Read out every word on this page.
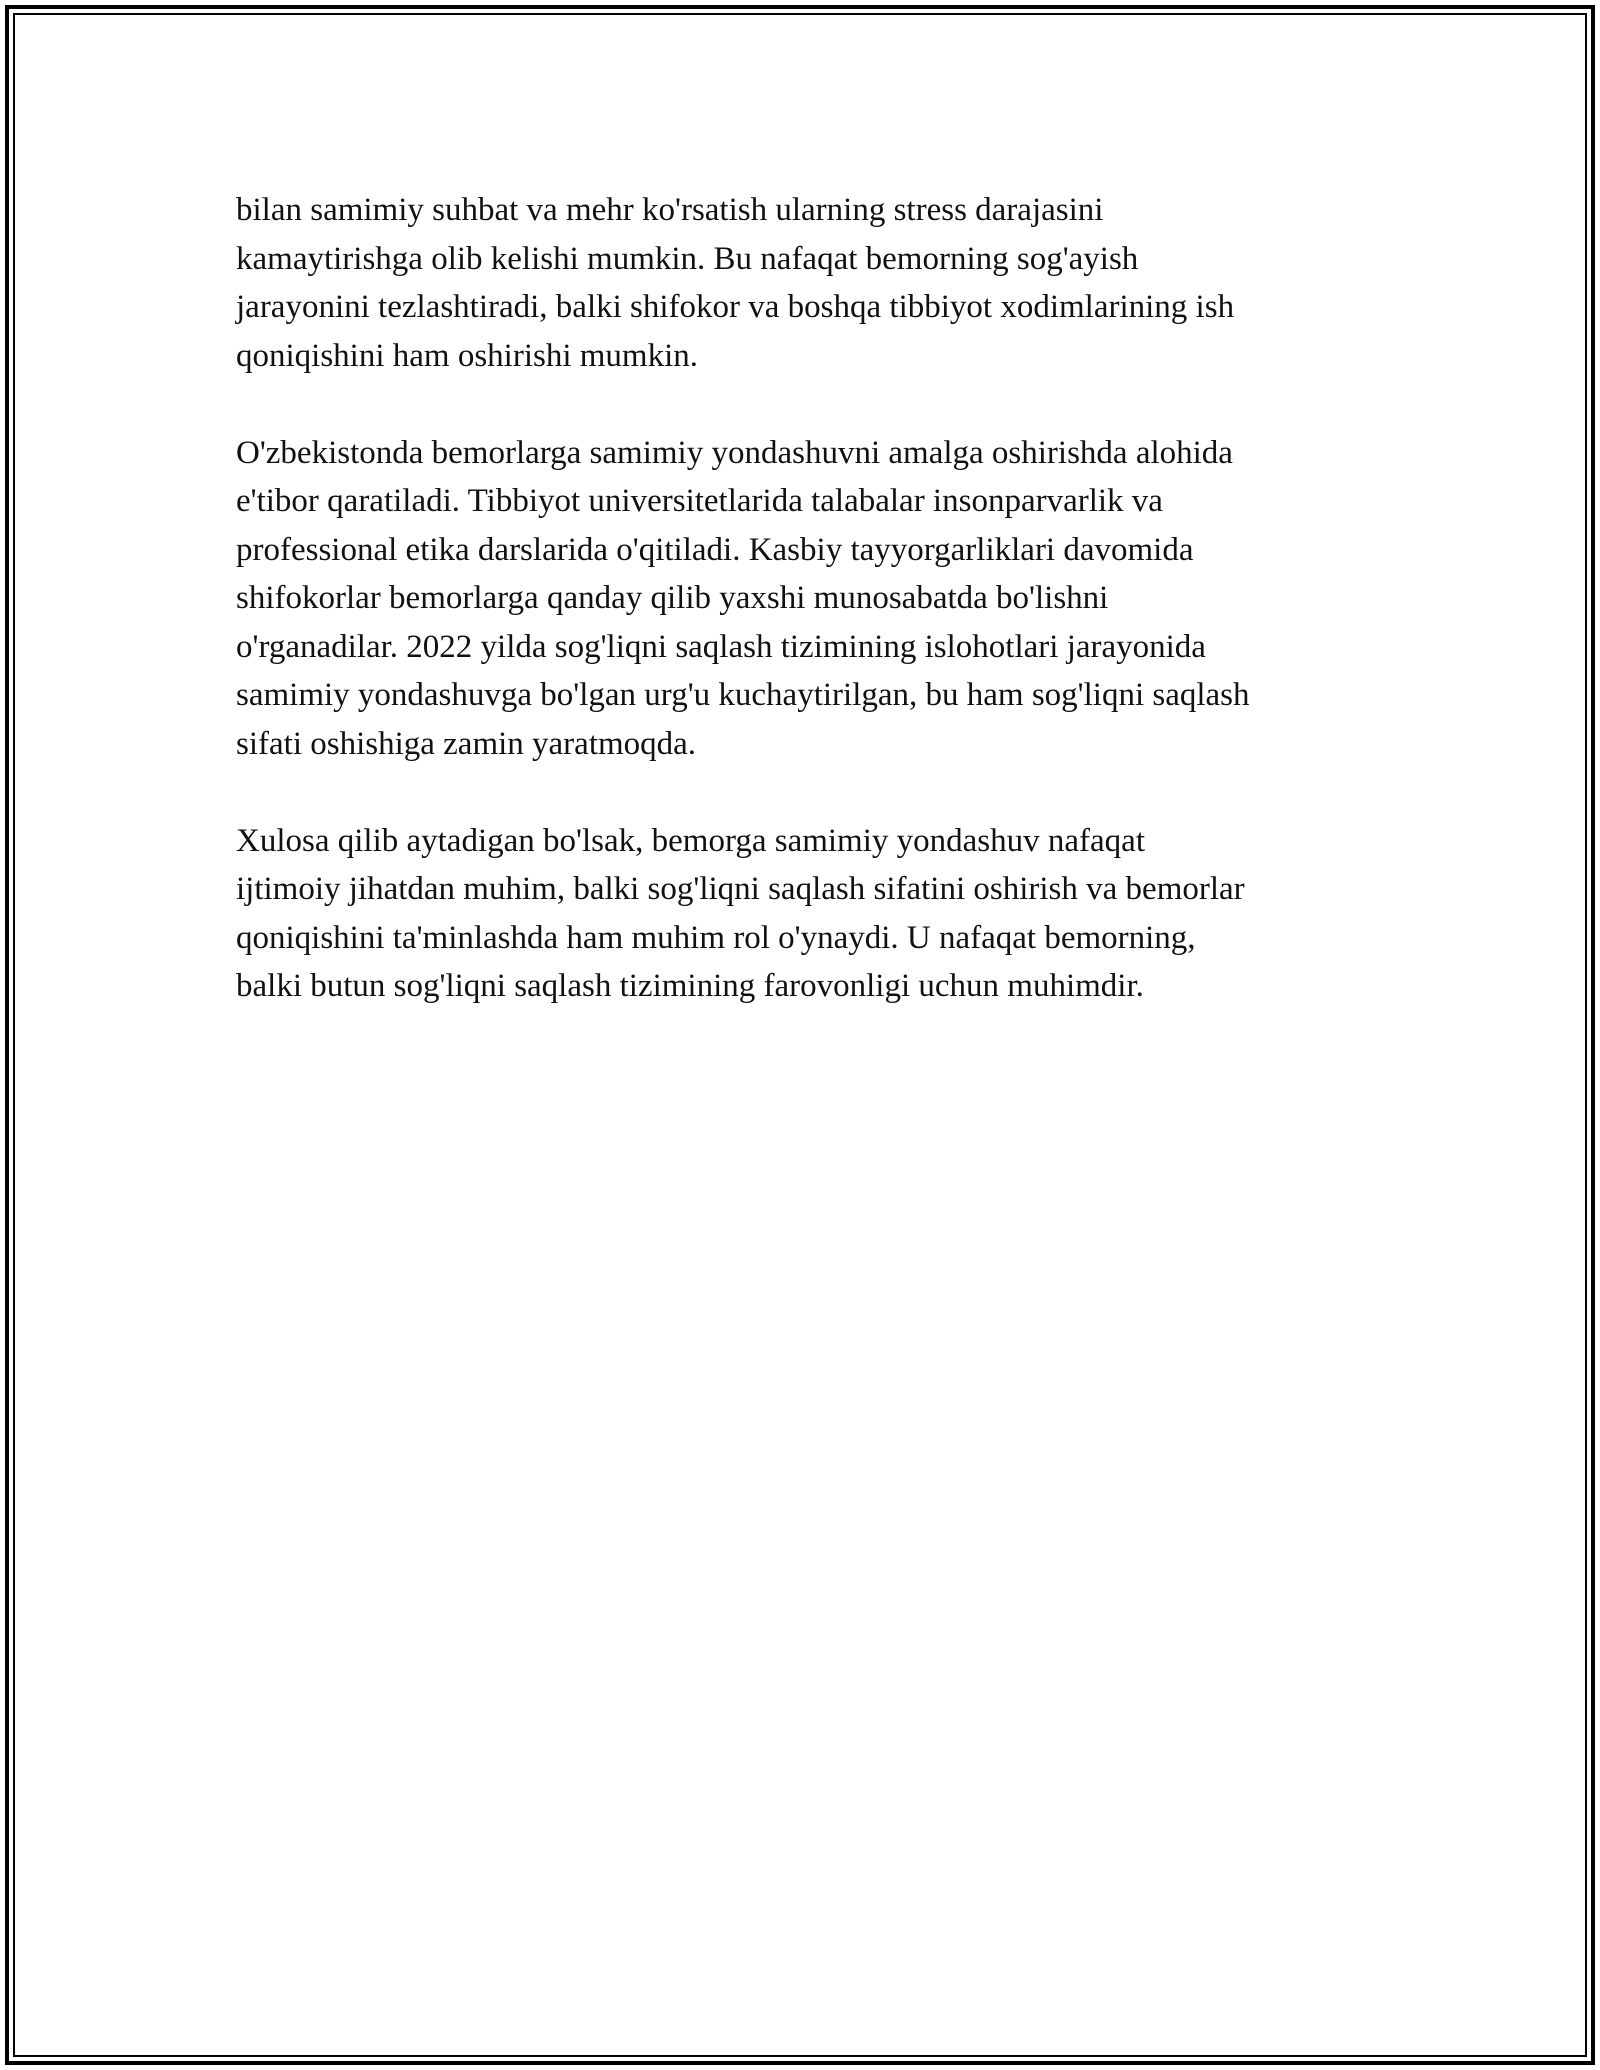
bilan samimiy suhbat va mehr ko'rsatish ularning stress darajasini
kamaytirishga olib kelishi mumkin. Bu nafaqat bemorning sog'ayish
jarayonini tezlashtiradi, balki shifokor va boshqa tibbiyot xodimlarining ish
qoniqishini ham oshirishi mumkin.

O'zbekistonda bemorlarga samimiy yondashuvni amalga oshirishda alohida
e'tibor qaratiladi. Tibbiyot universitetlarida talabalar insonparvarlik va
professional etika darslarida o'qitiladi. Kasbiy tayyorgarliklari davomida
shifokorlar bemorlarga qanday qilib yaxshi munosabatda bo'lishni
o'rganadilar. 2022 yilda sog'liqni saqlash tizimining islohotlari jarayonida
samimiy yondashuvga bo'lgan urg'u kuchaytirilgan, bu ham sog'liqni saqlash
sifati oshishiga zamin yaratmoqda.

Xulosa qilib aytadigan bo'lsak, bemorga samimiy yondashuv nafaqat
ijtimoiy jihatdan muhim, balki sog'liqni saqlash sifatini oshirish va bemorlar
qoniqishini ta'minlashda ham muhim rol o'ynaydi. U nafaqat bemorning,
balki butun sog'liqni saqlash tizimining farovonligi uchun muhimdir.
